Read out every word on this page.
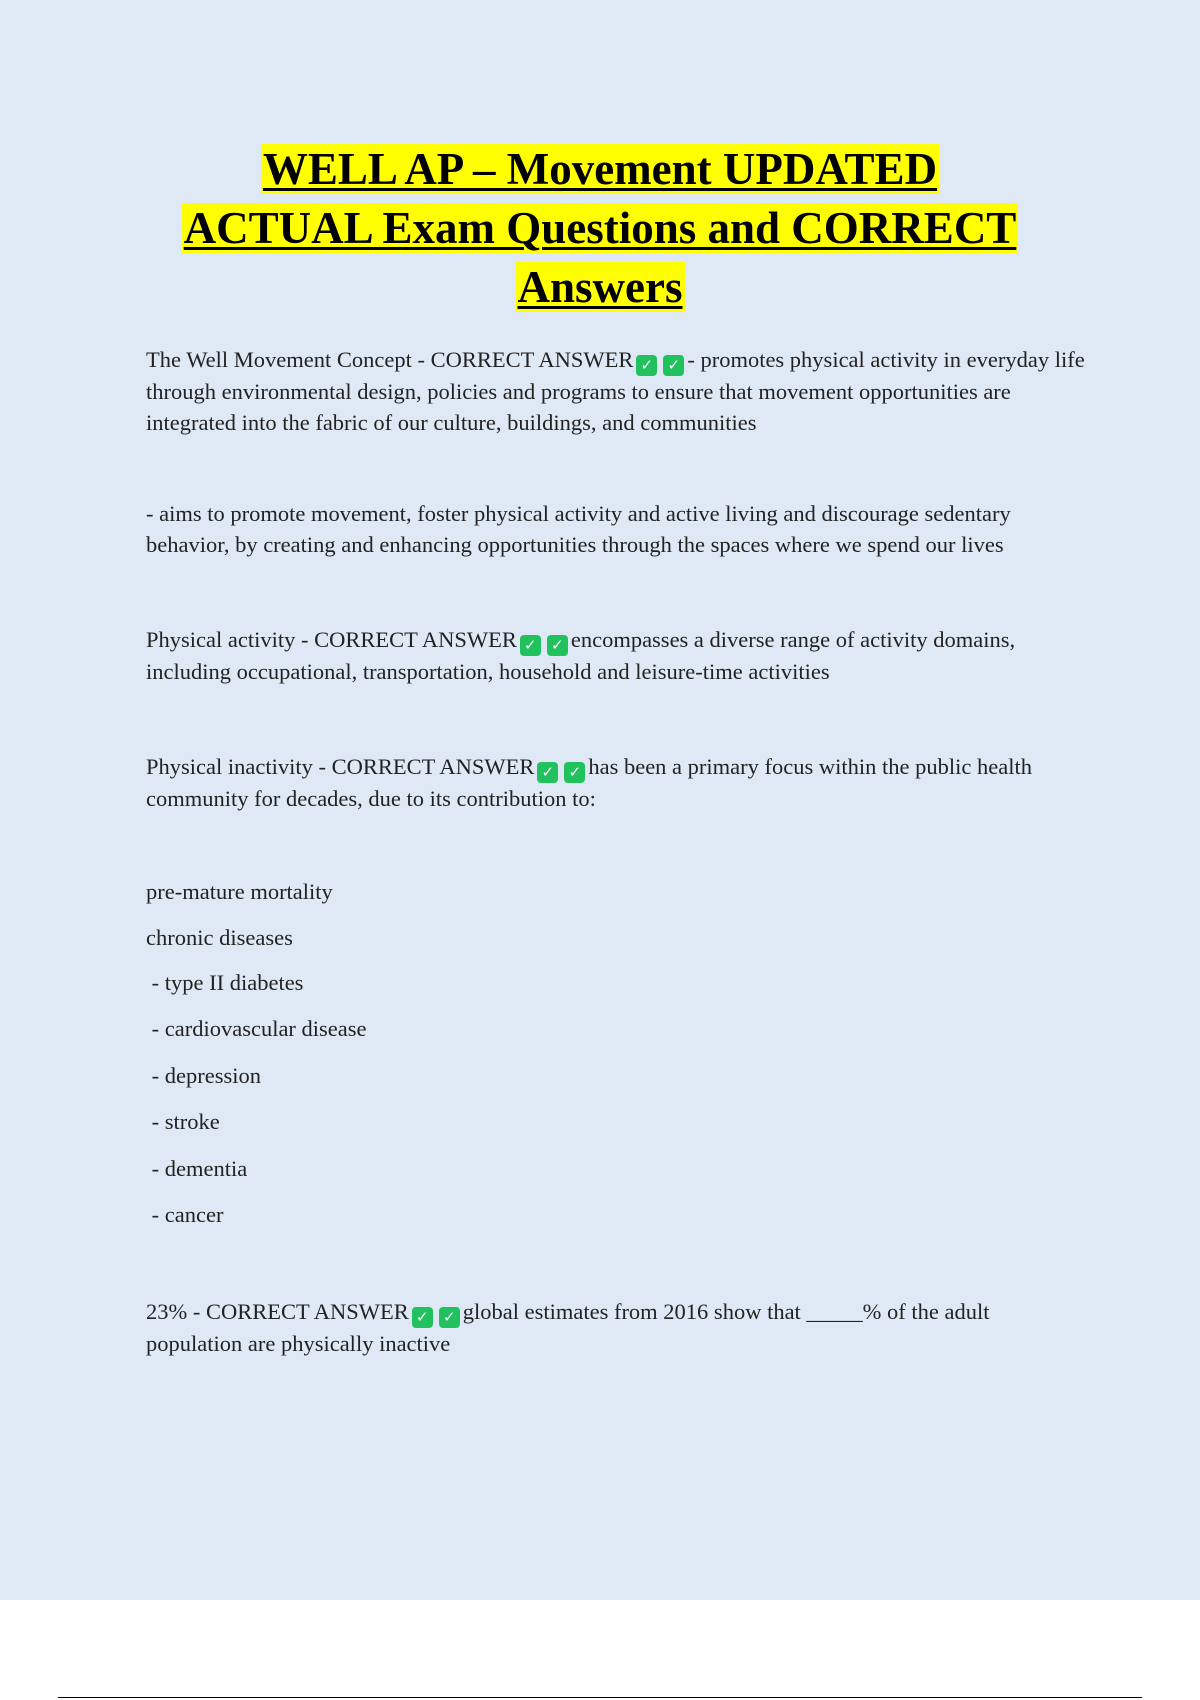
WELL AP – Movement UPDATED
ACTUAL Exam Questions and CORRECT
Answers

The Well Movement Concept - CORRECT ANSWER ✓ ✓ - promotes physical activity in everyday life through environmental design, policies and programs to ensure that movement opportunities are integrated into the fabric of our culture, buildings, and communities

- aims to promote movement, foster physical activity and active living and discourage sedentary behavior, by creating and enhancing opportunities through the spaces where we spend our lives

Physical activity - CORRECT ANSWER ✓ ✓ encompasses a diverse range of activity domains, including occupational, transportation, household and leisure-time activities

Physical inactivity - CORRECT ANSWER ✓ ✓ has been a primary focus within the public health community for decades, due to its contribution to:

pre-mature mortality

chronic diseases

- type II diabetes

- cardiovascular disease

- depression

- stroke

- dementia

- cancer

23% - CORRECT ANSWER ✓ ✓ global estimates from 2016 show that _____% of the adult population are physically inactive
